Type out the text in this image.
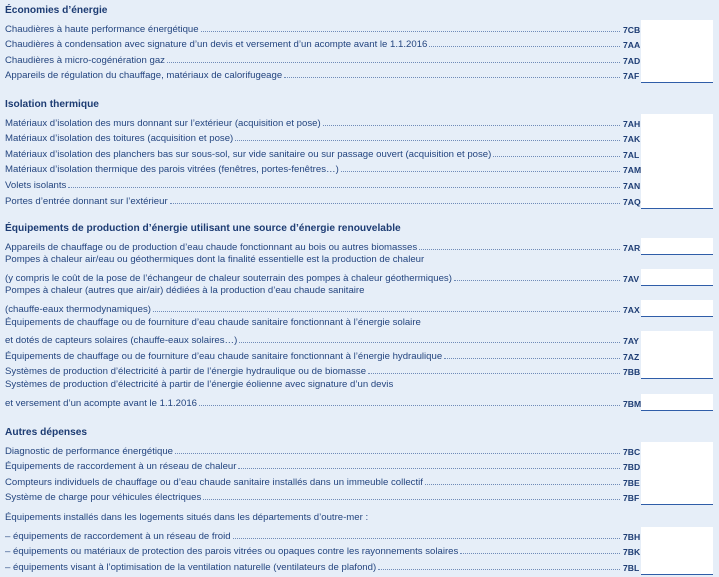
Économies d’énergie
Chaudières à haute performance énergétique	7CB
Chaudières à condensation avec signature d’un devis et versement d’un acompte avant le 1.1.2016	7AA
Chaudières à micro-cogénération gaz	7AD
Appareils de régulation du chauffage, matériaux de calorifugeage	7AF
Isolation thermique
Matériaux d’isolation des murs donnant sur l’extérieur (acquisition et pose)	7AH
Matériaux d’isolation des toitures (acquisition et pose)	7AK
Matériaux d’isolation des planchers bas sur sous-sol, sur vide sanitaire ou sur passage ouvert (acquisition et pose)	7AL
Matériaux d’isolation thermique des parois vitrées (fenêtres, portes-fenêtres…)	7AM
Volets isolants	7AN
Portes d’entrée donnant sur l’extérieur	7AQ
Équipements de production d’énergie utilisant une source d’énergie renouvelable
Appareils de chauffage ou de production d’eau chaude fonctionnant au bois ou autres biomasses	7AR
Pompes à chaleur air/eau ou géothermiques dont la finalité essentielle est la production de chaleur
(y compris le coût de la pose de l’échangeur de chaleur souterrain des pompes à chaleur géothermiques)	7AV
Pompes à chaleur (autres que air/air) dédiées à la production d’eau chaude sanitaire
(chauffe-eaux thermodynamiques)	7AX
Équipements de chauffage ou de fourniture d’eau chaude sanitaire fonctionnant à l’énergie solaire
et dotés de capteurs solaires (chauffe-eaux solaires…)	7AY
Équipements de chauffage ou de fourniture d’eau chaude sanitaire fonctionnant à l’énergie hydraulique	7AZ
Systèmes de production d’électricité à partir de l’énergie hydraulique ou de biomasse	7BB
Systèmes de production d’électricité à partir de l’énergie éolienne avec signature d’un devis
et versement d’un acompte avant le 1.1.2016	7BM
Autres dépenses
Diagnostic de performance énergétique	7BC
Équipements de raccordement à un réseau de chaleur	7BD
Compteurs individuels de chauffage ou d’eau chaude sanitaire installés dans un immeuble collectif	7BE
Système de charge pour véhicules électriques	7BF
Équipements installés dans les logements situés dans les départements d’outre-mer :
– équipements de raccordement à un réseau de froid	7BH
– équipements ou matériaux de protection des parois vitrées ou opaques contre les rayonnements solaires	7BK
– équipements visant à l’optimisation de la ventilation naturelle (ventilateurs de plafond)	7BL
